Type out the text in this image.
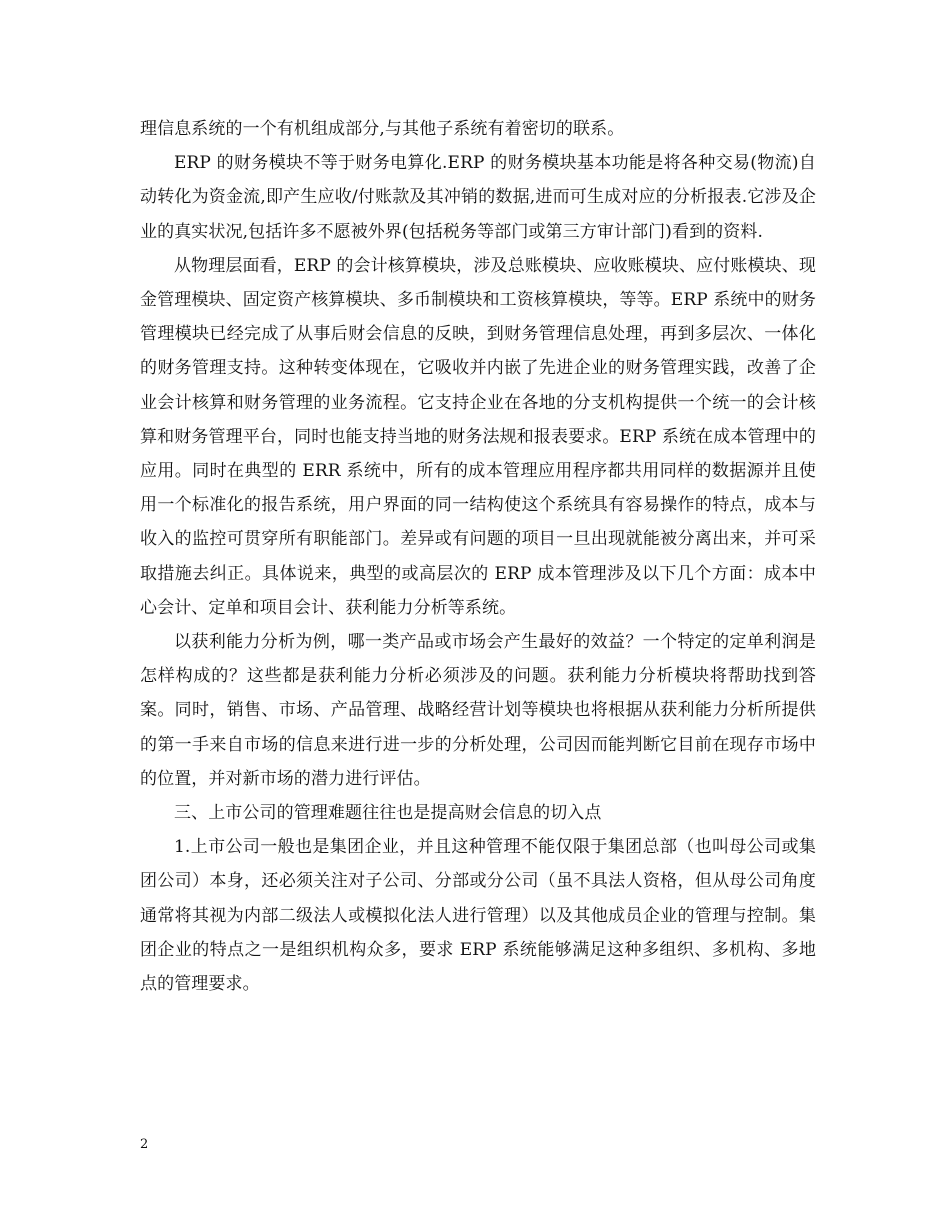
理信息系统的一个有机组成部分,与其他子系统有着密切的联系。

ERP 的财务模块不等于财务电算化.ERP 的财务模块基本功能是将各种交易(物流)自动转化为资金流,即产生应收/付账款及其冲销的数据,进而可生成对应的分析报表.它涉及企业的真实状况,包括许多不愿被外界(包括税务等部门或第三方审计部门)看到的资料.

从物理层面看，ERP 的会计核算模块，涉及总账模块、应收账模块、应付账模块、现金管理模块、固定资产核算模块、多币制模块和工资核算模块，等等。ERP 系统中的财务管理模块已经完成了从事后财会信息的反映，到财务管理信息处理，再到多层次、一体化的财务管理支持。这种转变体现在，它吸收并内嵌了先进企业的财务管理实践，改善了企业会计核算和财务管理的业务流程。它支持企业在各地的分支机构提供一个统一的会计核算和财务管理平台，同时也能支持当地的财务法规和报表要求。ERP 系统在成本管理中的应用。同时在典型的 ERR 系统中，所有的成本管理应用程序都共用同样的数据源并且使用一个标准化的报告系统，用户界面的同一结构使这个系统具有容易操作的特点，成本与收入的监控可贯穿所有职能部门。差异或有问题的项目一旦出现就能被分离出来，并可采取措施去纠正。具体说来，典型的或高层次的 ERP 成本管理涉及以下几个方面：成本中心会计、定单和项目会计、获利能力分析等系统。

以获利能力分析为例，哪一类产品或市场会产生最好的效益？一个特定的定单利润是怎样构成的？这些都是获利能力分析必须涉及的问题。获利能力分析模块将帮助找到答案。同时，销售、市场、产品管理、战略经营计划等模块也将根据从获利能力分析所提供的第一手来自市场的信息来进行进一步的分析处理，公司因而能判断它目前在现存市场中的位置，并对新市场的潜力进行评估。

三、上市公司的管理难题往往也是提高财会信息的切入点

1.上市公司一般也是集团企业，并且这种管理不能仅限于集团总部（也叫母公司或集团公司）本身，还必须关注对子公司、分部或分公司（虽不具法人资格，但从母公司角度通常将其视为内部二级法人或模拟化法人进行管理）以及其他成员企业的管理与控制。集团企业的特点之一是组织机构众多，要求 ERP 系统能够满足这种多组织、多机构、多地点的管理要求。

2
